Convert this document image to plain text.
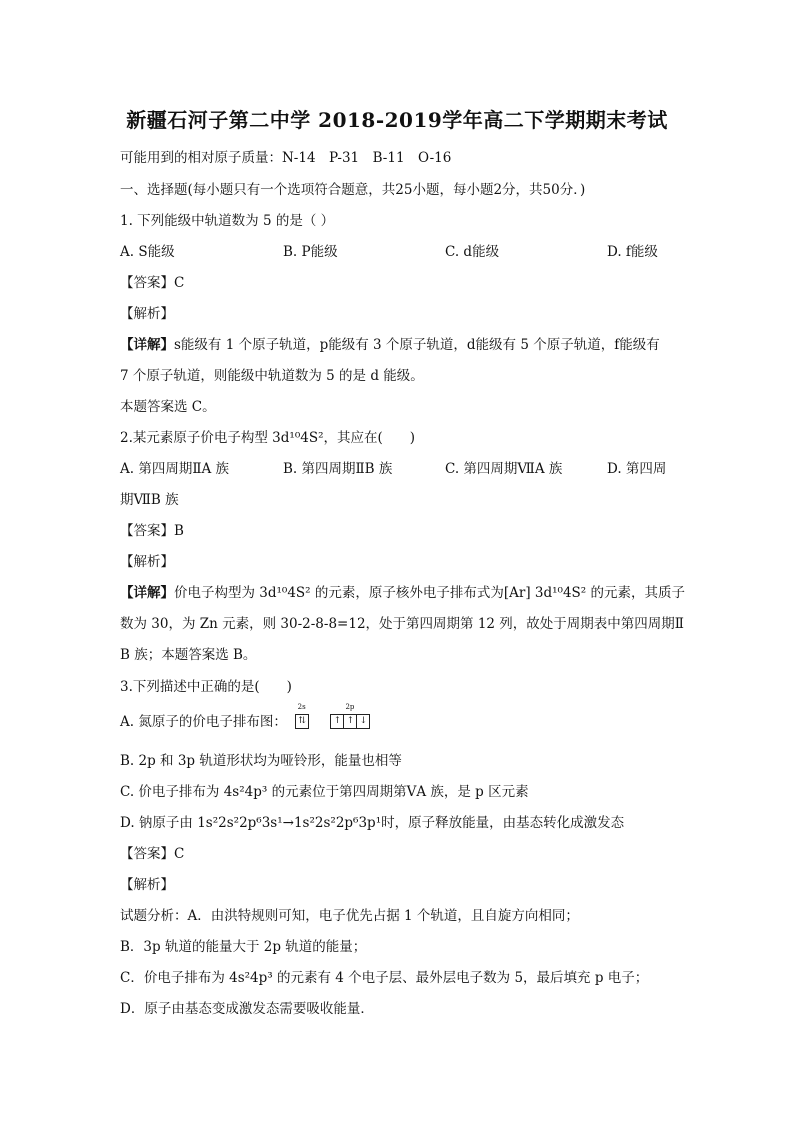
新疆石河子第二中学 2018-2019学年高二下学期期末考试
可能用到的相对原子质量：N-14　P-31　B-11　O-16
一、选择题(每小题只有一个选项符合题意，共25小题，每小题2分，共50分．)
1. 下列能级中轨道数为 5 的是（ ）
A. S能级	B. P能级	C. d能级	D. f能级
【答案】C
【解析】
【详解】s能级有 1 个原子轨道，p能级有 3 个原子轨道，d能级有 5 个原子轨道，f能级有
7 个原子轨道，则能级中轨道数为 5 的是 d 能级。
本题答案选 C。
2.某元素原子价电子构型 3d¹⁰4S²，其应在(　　)
A. 第四周期ⅡA 族	B. 第四周期ⅡB 族	C. 第四周期ⅦA 族	D. 第四周
期ⅦB 族
【答案】B
【解析】
【详解】价电子构型为 3d¹⁰4S² 的元素，原子核外电子排布式为[Ar] 3d¹⁰4S² 的元素，其质子
数为 30，为 Zn 元素，则 30-2-8-8=12，处于第四周期第 12 列，故处于周期表中第四周期Ⅱ
B 族；本题答案选 B。
3.下列描述中正确的是(　　)
A. 氮原子的价电子排布图：
2s
⇅
2p
↑ ↑ ↓
B. 2p 和 3p 轨道形状均为哑铃形，能量也相等
C. 价电子排布为 4s²4p³ 的元素位于第四周期第ⅤA 族，是 p 区元素
D. 钠原子由 1s²2s²2p⁶3s¹→1s²2s²2p⁶3p¹时，原子释放能量，由基态转化成激发态
【答案】C
【解析】
试题分析：A．由洪特规则可知，电子优先占据 1 个轨道，且自旋方向相同；
B．3p 轨道的能量大于 2p 轨道的能量；
C．价电子排布为 4s²4p³ 的元素有 4 个电子层、最外层电子数为 5，最后填充 p 电子；
D．原子由基态变成激发态需要吸收能量．
